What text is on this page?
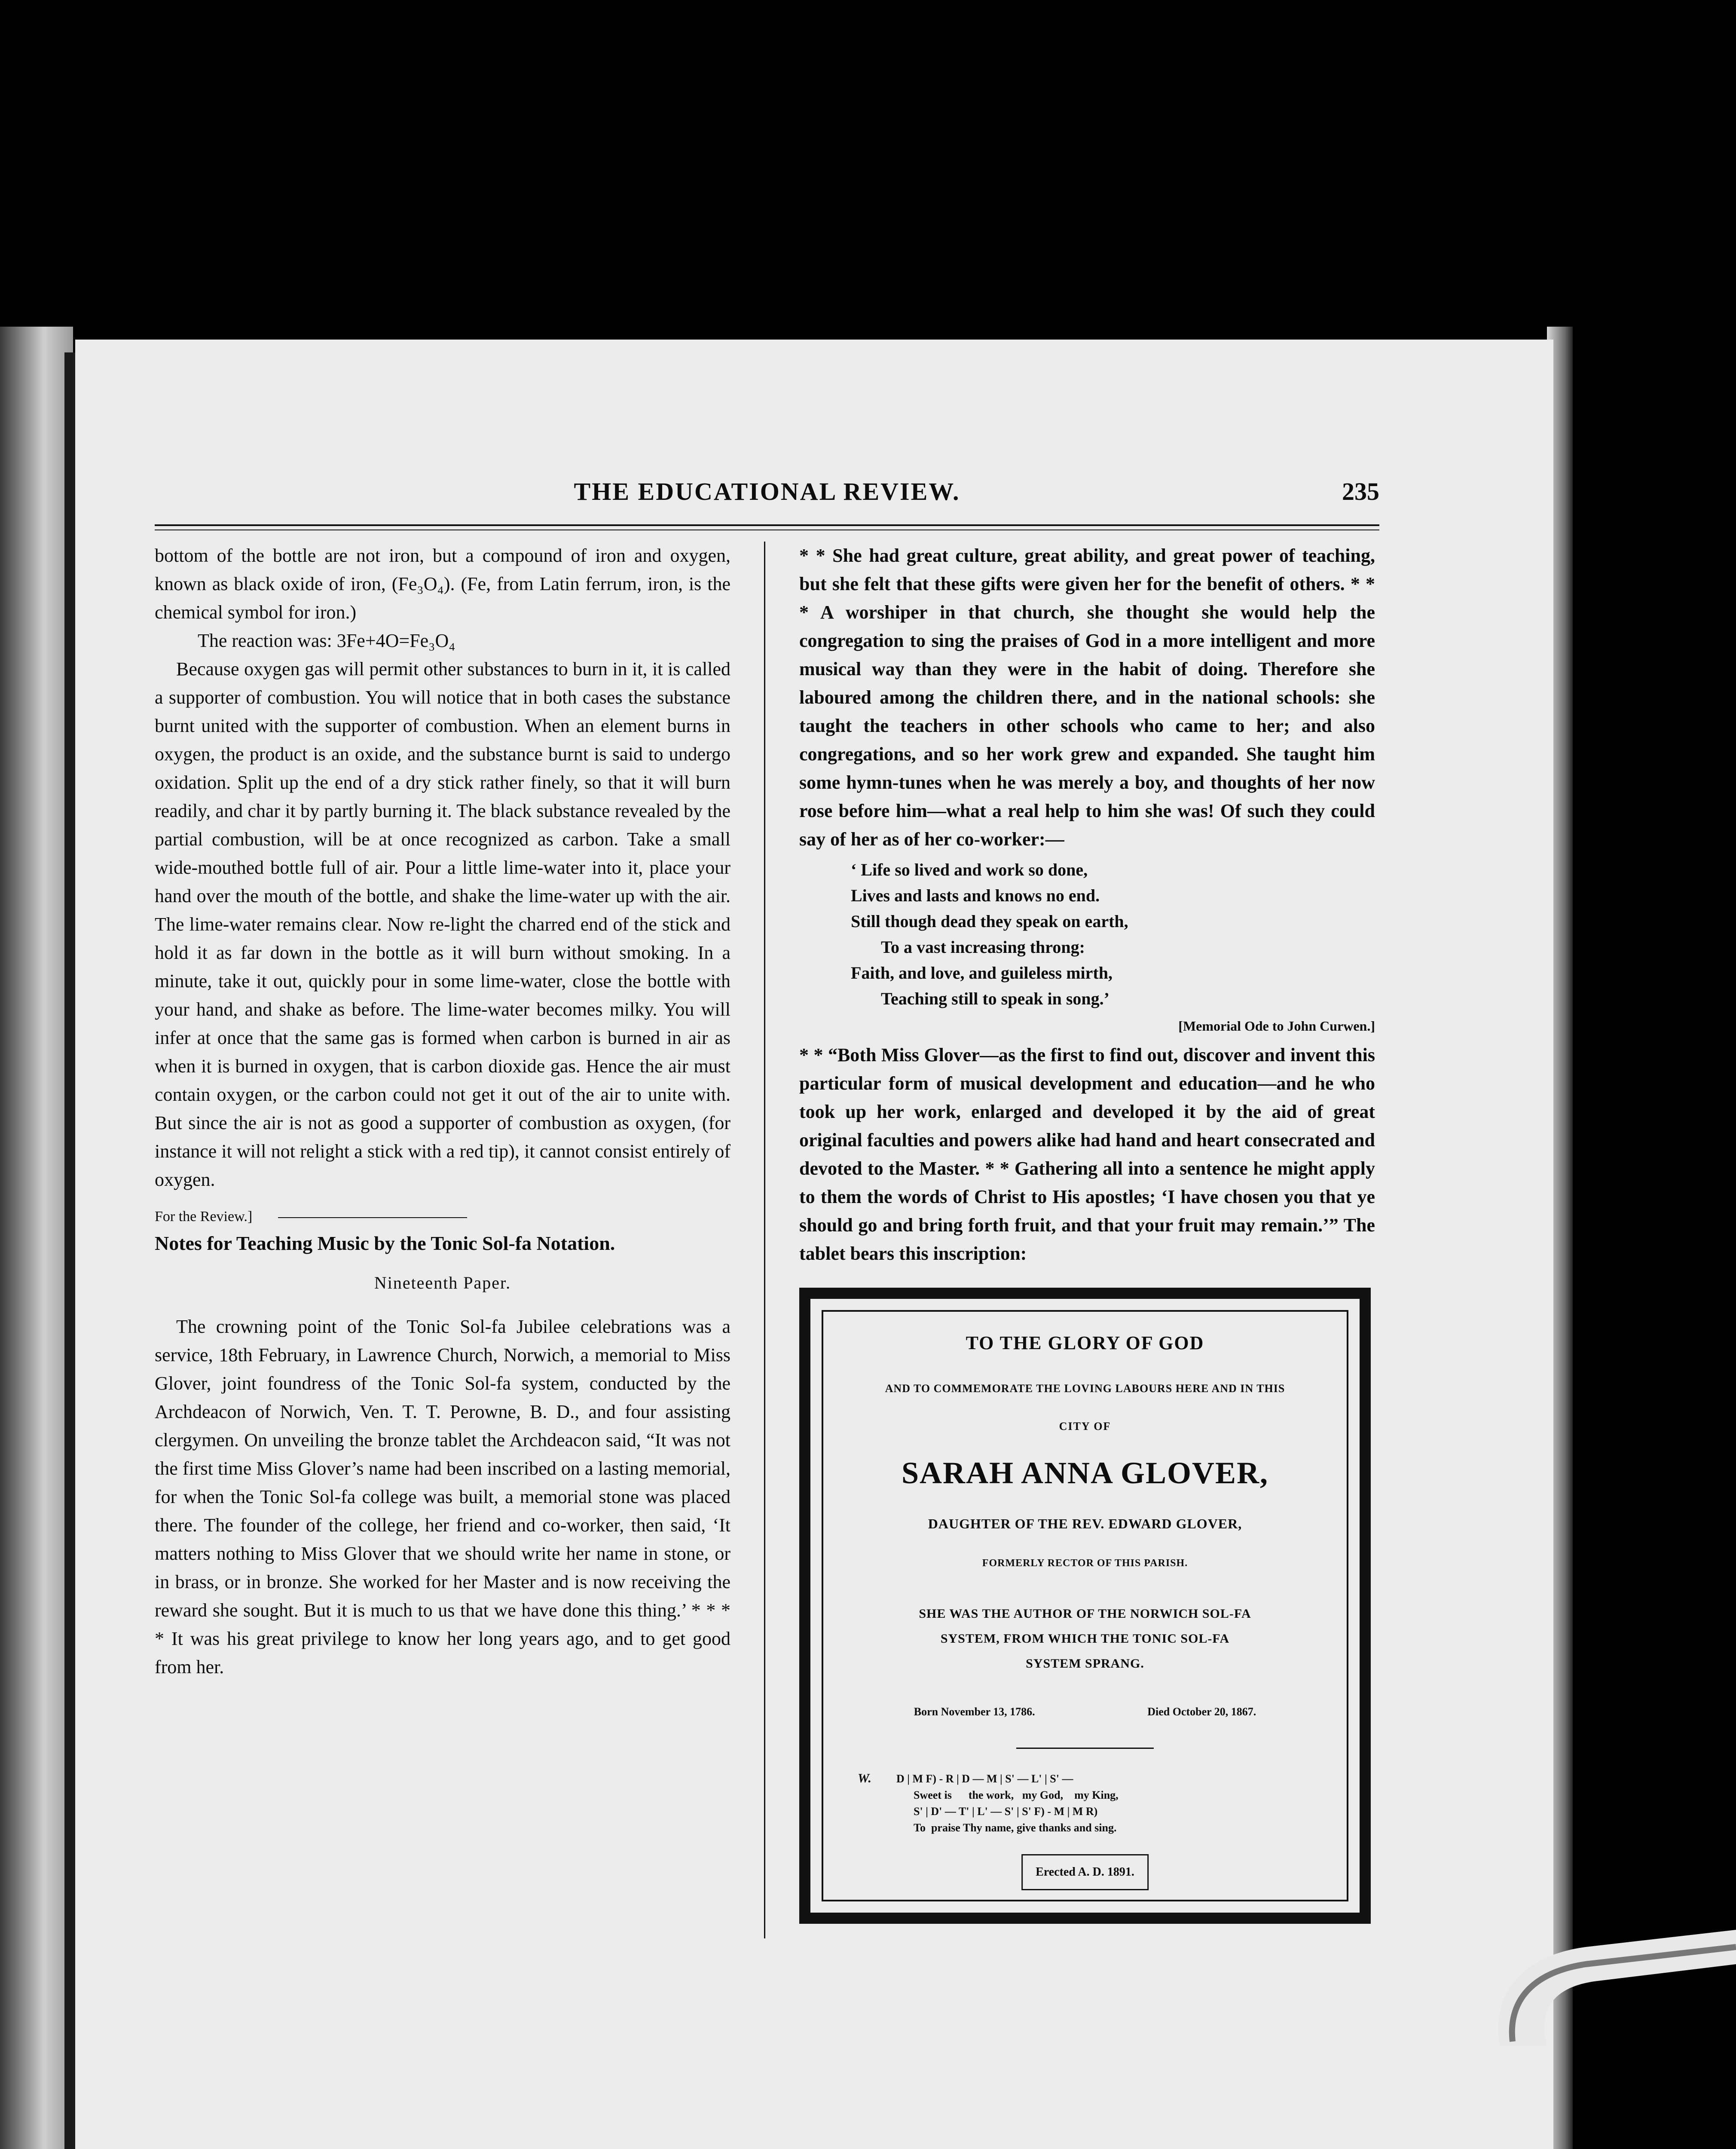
THE EDUCATIONAL REVIEW.	235

bottom of the bottle are not iron, but a compound of iron and oxygen, known as black oxide of iron, (Fe₃O₄). (Fe, from Latin ferrum, iron, is the chemical symbol for iron.)

The reaction was: 3Fe+4O=Fe₃O₄

Because oxygen gas will permit other substances to burn in it, it is called a supporter of combustion. You will notice that in both cases the substance burnt united with the supporter of combustion. When an element burns in oxygen, the product is an oxide, and the substance burnt is said to undergo oxidation. Split up the end of a dry stick rather finely, so that it will burn readily, and char it by partly burning it. The black substance revealed by the partial combustion, will be at once recognized as carbon. Take a small wide-mouthed bottle full of air. Pour a little lime-water into it, place your hand over the mouth of the bottle, and shake the lime-water up with the air. The lime-water remains clear. Now re-light the charred end of the stick and hold it as far down in the bottle as it will burn without smoking. In a minute, take it out, quickly pour in some lime-water, close the bottle with your hand, and shake as before. The lime-water becomes milky. You will infer at once that the same gas is formed when carbon is burned in air as when it is burned in oxygen, that is carbon dioxide gas. Hence the air must contain oxygen, or the carbon could not get it out of the air to unite with. But since the air is not as good a supporter of combustion as oxygen, (for instance it will not relight a stick with a red tip), it cannot consist entirely of oxygen.

For the Review.]
Notes for Teaching Music by the Tonic Sol-fa Notation.
Nineteenth Paper.

The crowning point of the Tonic Sol-fa Jubilee celebrations was a service, 18th February, in Lawrence Church, Norwich, a memorial to Miss Glover, joint foundress of the Tonic Sol-fa system, conducted by the Archdeacon of Norwich, Ven. T. T. Perowne, B. D., and four assisting clergymen. On unveiling the bronze tablet the Archdeacon said, “It was not the first time Miss Glover’s name had been inscribed on a lasting memorial, for when the Tonic Sol-fa college was built, a memorial stone was placed there. The founder of the college, her friend and co-worker, then said, ‘It matters nothing to Miss Glover that we should write her name in stone, or in brass, or in bronze. She worked for her Master and is now receiving the reward she sought. But it is much to us that we have done this thing.’ * * * * It was his great privilege to know her long years ago, and to get good from her.

* * She had great culture, great ability, and great power of teaching, but she felt that these gifts were given her for the benefit of others. * * * A worshiper in that church, she thought she would help the congregation to sing the praises of God in a more intelligent and more musical way than they were in the habit of doing. Therefore she laboured among the children there, and in the national schools: she taught the teachers in other schools who came to her; and also congregations, and so her work grew and expanded. She taught him some hymn-tunes when he was merely a boy, and thoughts of her now rose before him—what a real help to him she was! Of such they could say of her as of her co-worker:—

‘ Life so lived and work so done,
Lives and lasts and knows no end.
Still though dead they speak on earth,
To a vast increasing throng:
Faith, and love, and guileless mirth,
Teaching still to speak in song.’
[Memorial Ode to John Curwen.]

* * “Both Miss Glover—as the first to find out, discover and invent this particular form of musical development and education—and he who took up her work, enlarged and developed it by the aid of great original faculties and powers alike had hand and heart consecrated and devoted to the Master. * * Gathering all into a sentence he might apply to them the words of Christ to His apostles; ‘I have chosen you that ye should go and bring forth fruit, and that your fruit may remain.’” The tablet bears this inscription:

TO THE GLORY OF GOD
AND TO COMMEMORATE THE LOVING LABOURS HERE AND IN THIS
CITY OF
SARAH ANNA GLOVER,
DAUGHTER OF THE REV. EDWARD GLOVER,
FORMERLY RECTOR OF THIS PARISH.
SHE WAS THE AUTHOR OF THE NORWICH SOL-FA
SYSTEM, FROM WHICH THE TONIC SOL-FA
SYSTEM SPRANG.
Born November 13, 1786.	Died October 20, 1867.
W. D | M F) - R | D — M | S' — L' | S' —
Sweet is      the work,   my God,    my King,
S' | D' — T' | L' — S' | S' F) - M | M R)
To  praise Thy name, give thanks and sing.
Erected A. D. 1891.
